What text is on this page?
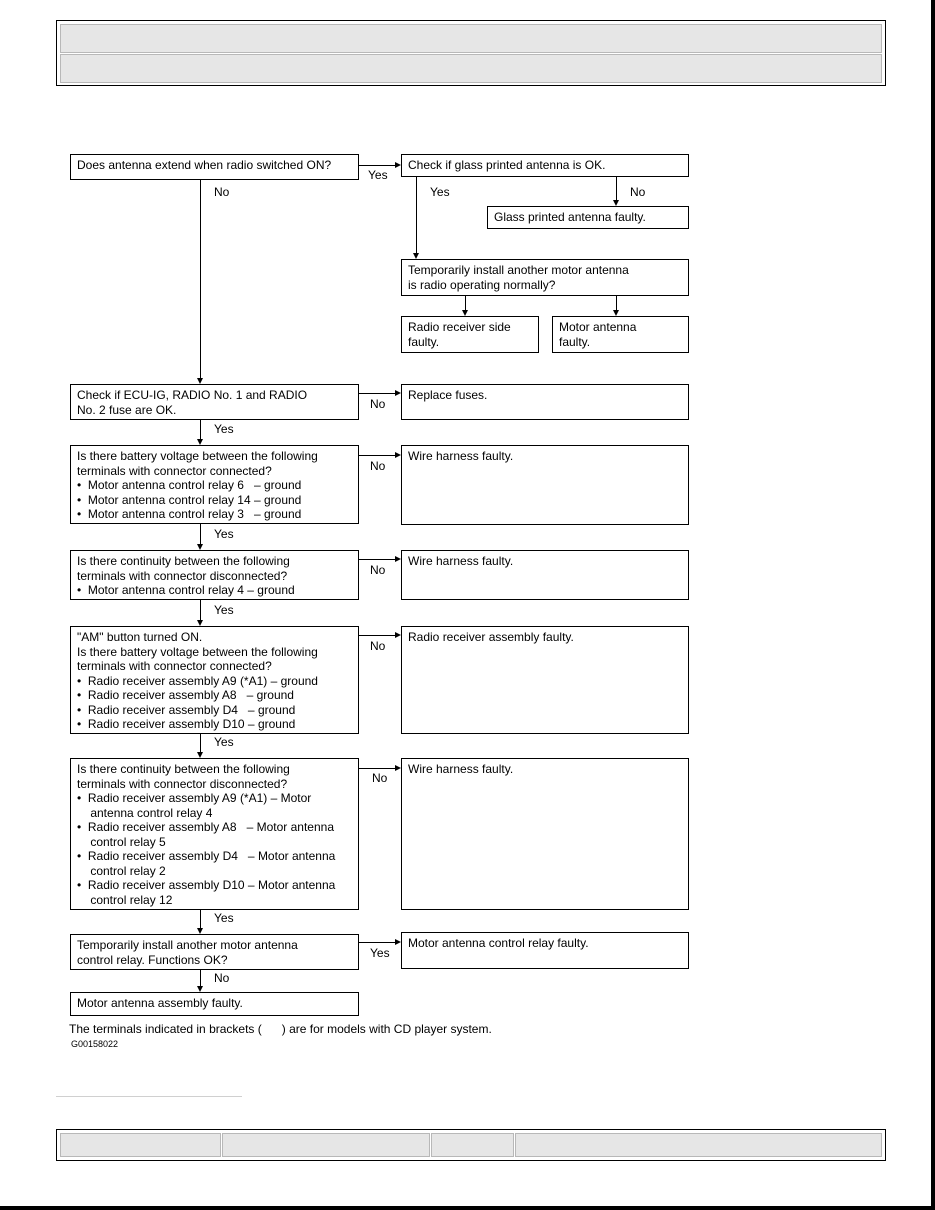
Does antenna extend when radio switched ON?	Check if glass printed antenna is OK.
Glass printed antenna faulty.
Temporarily install another motor antenna
is radio operating normally?
Radio receiver side
faulty.
Motor antenna
faulty.
Check if ECU-IG, RADIO No. 1 and RADIO
No. 2 fuse are OK.
Replace fuses.
Is there battery voltage between the following
terminals with connector connected?
•  Motor antenna control relay 6   – ground
•  Motor antenna control relay 14 – ground
•  Motor antenna control relay 3   – ground
Wire harness faulty.
Is there continuity between the following
terminals with connector disconnected?
•  Motor antenna control relay 4 – ground
Wire harness faulty.
"AM" button turned ON.
Is there battery voltage between the following
terminals with connector connected?
•  Radio receiver assembly A9 (*A1) – ground
•  Radio receiver assembly A8   – ground
•  Radio receiver assembly D4   – ground
•  Radio receiver assembly D10 – ground
Radio receiver assembly faulty.
Is there continuity between the following
terminals with connector disconnected?
•  Radio receiver assembly A9 (*A1) – Motor
antenna control relay 4
•  Radio receiver assembly A8   – Motor antenna
control relay 5
•  Radio receiver assembly D4   – Motor antenna
control relay 2
•  Radio receiver assembly D10 – Motor antenna
control relay 12
Wire harness faulty.
Temporarily install another motor antenna
control relay. Functions OK?
Motor antenna control relay faulty.
Motor antenna assembly faulty.
Yes
No
Yes
No
No
Yes
No
Yes
No
Yes
No
Yes
No
Yes
Yes
No
The terminals indicated in brackets (      ) are for models with CD player system.
G00158022
